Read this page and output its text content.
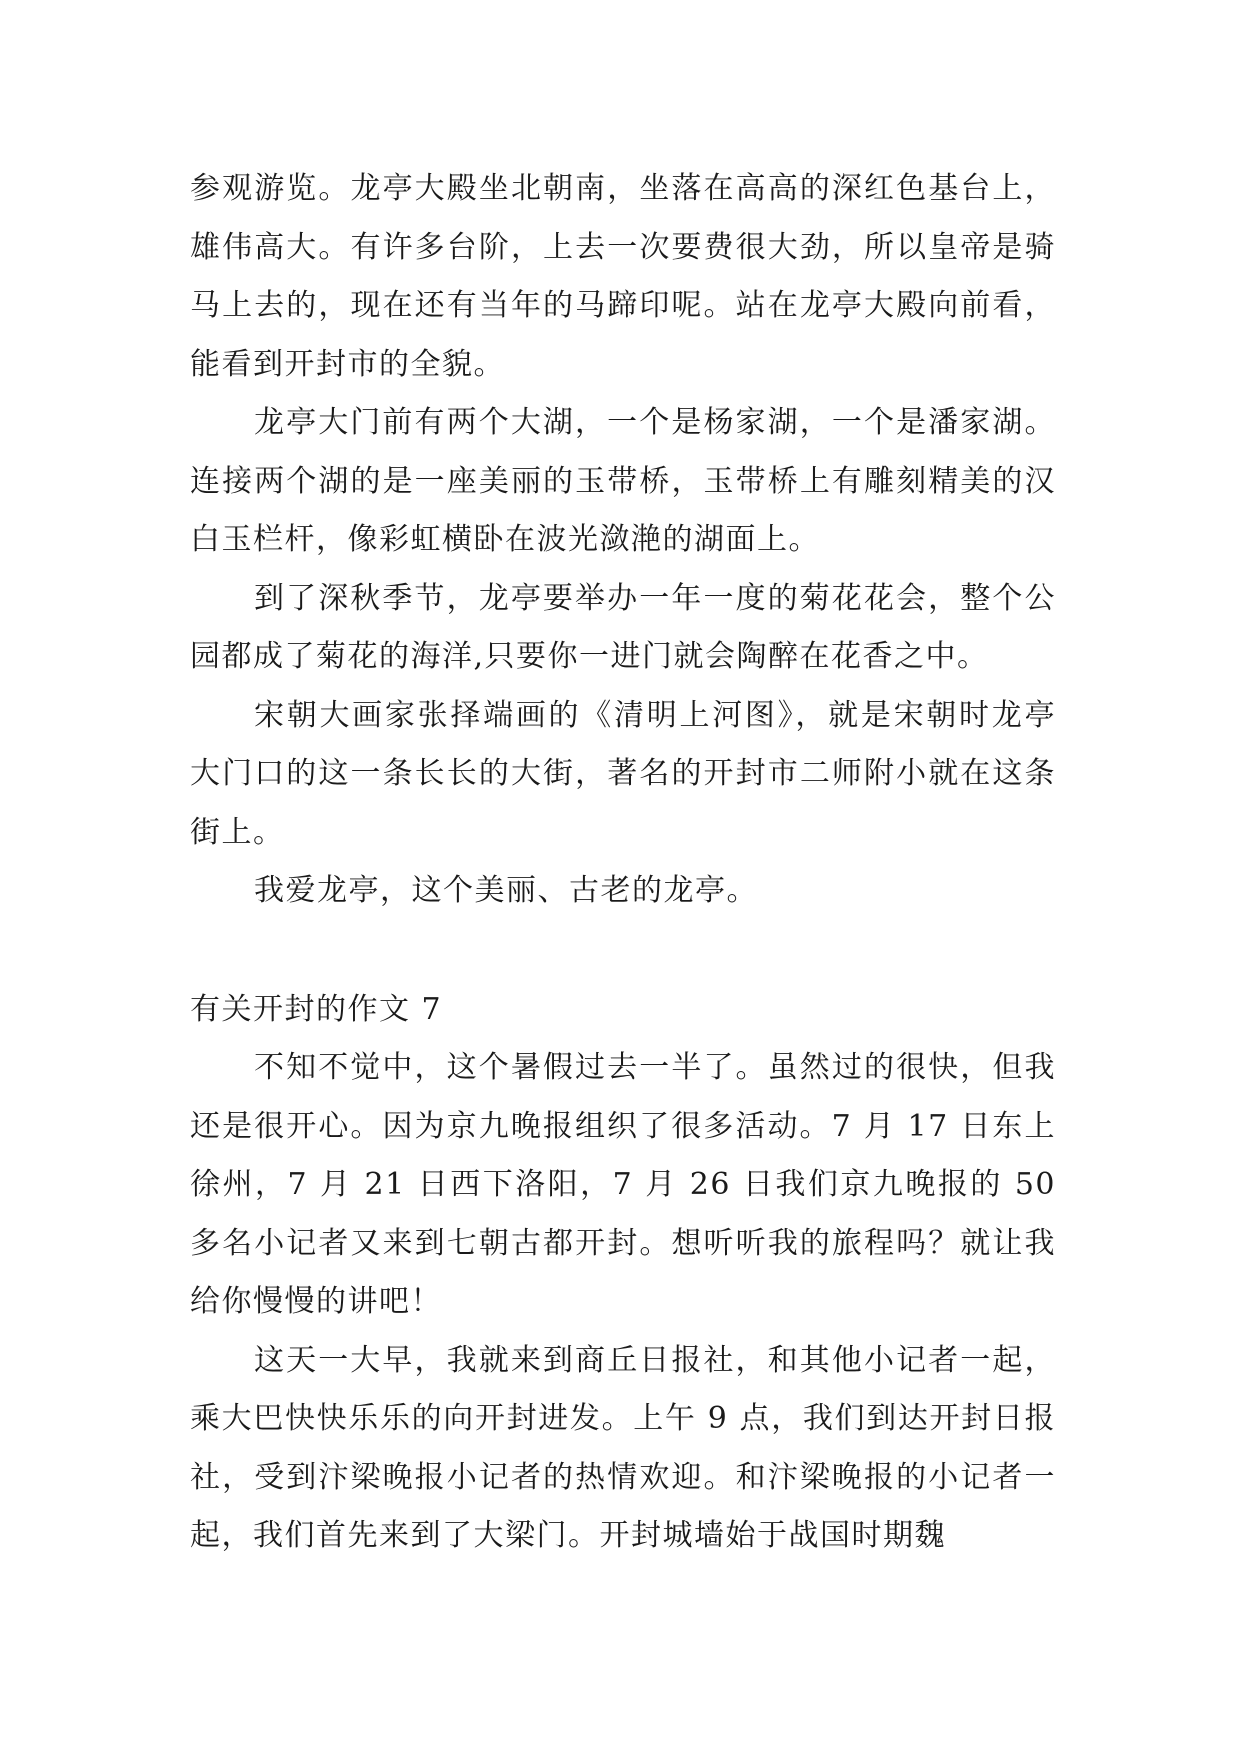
参观游览。龙亭大殿坐北朝南，坐落在高高的深红色基台上，雄伟高大。有许多台阶，上去一次要费很大劲，所以皇帝是骑马上去的，现在还有当年的马蹄印呢。站在龙亭大殿向前看，能看到开封市的全貌。

龙亭大门前有两个大湖，一个是杨家湖，一个是潘家湖。连接两个湖的是一座美丽的玉带桥，玉带桥上有雕刻精美的汉白玉栏杆，像彩虹横卧在波光潋滟的湖面上。

到了深秋季节，龙亭要举办一年一度的菊花花会，整个公园都成了菊花的海洋,只要你一进门就会陶醉在花香之中。

宋朝大画家张择端画的《清明上河图》，就是宋朝时龙亭大门口的这一条长长的大街，著名的开封市二师附小就在这条街上。

我爱龙亭，这个美丽、古老的龙亭。

有关开封的作文 7

不知不觉中，这个暑假过去一半了。虽然过的很快，但我还是很开心。因为京九晚报组织了很多活动。7 月 17 日东上徐州，7 月 21 日西下洛阳，7 月 26 日我们京九晚报的 50 多名小记者又来到七朝古都开封。想听听我的旅程吗？就让我给你慢慢的讲吧！

这天一大早，我就来到商丘日报社，和其他小记者一起，乘大巴快快乐乐的向开封进发。上午 9 点，我们到达开封日报社，受到汴梁晚报小记者的热情欢迎。和汴梁晚报的小记者一起，我们首先来到了大梁门。开封城墙始于战国时期魏
